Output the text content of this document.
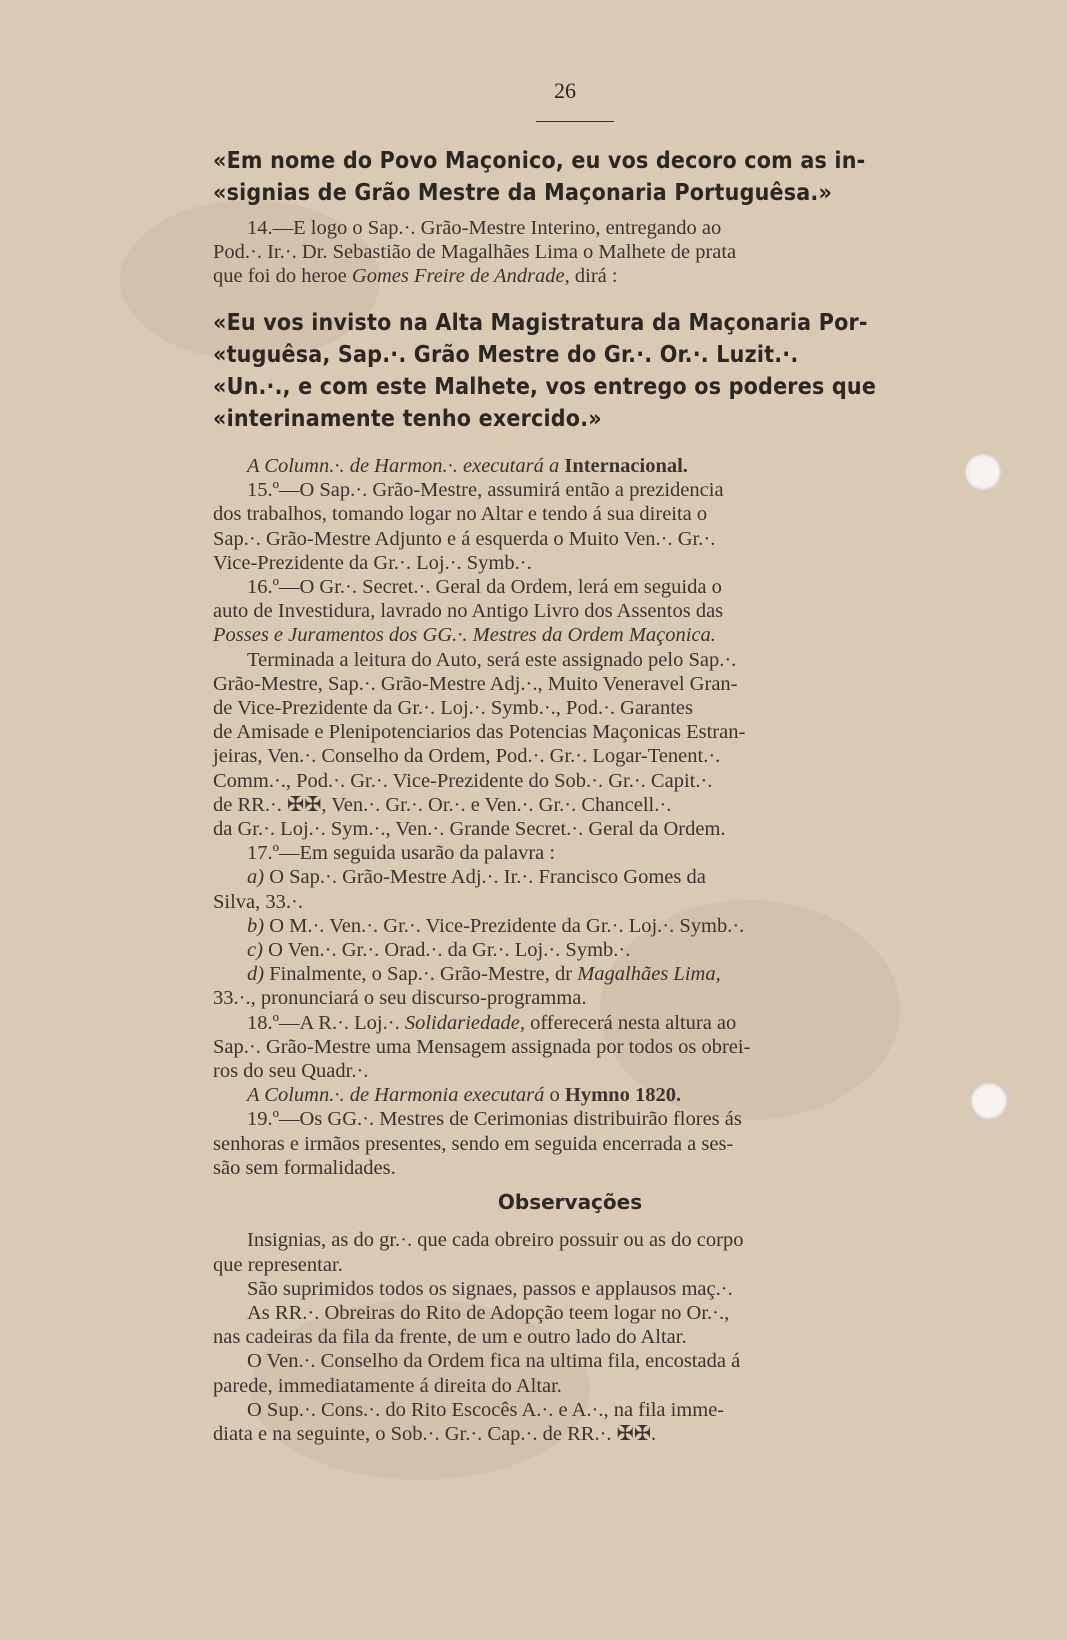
26
«Em nome do Povo Maçonico, eu vos decoro com as in-
«signias de Grão Mestre da Maçonaria Portuguêsa.»

14.—E logo o Sap.·. Grão-Mestre Interino, entregando ao

Pod.·. Ir.·. Dr. Sebastião de Magalhães Lima o Malhete de prata

que foi do heroe Gomes Freire de Andrade, dirá :

«Eu vos invisto na Alta Magistratura da Maçonaria Por-
«tuguêsa, Sap.·. Grão Mestre do Gr.·. Or.·. Luzit.·.
«Un.·., e com este Malhete, vos entrego os poderes que
«interinamente tenho exercido.»

A Column.·. de Harmon.·. executará a Internacional.

15.º—O Sap.·. Grão-Mestre, assumirá então a prezidencia

dos trabalhos, tomando logar no Altar e tendo á sua direita o

Sap.·. Grão-Mestre Adjunto e á esquerda o Muito Ven.·. Gr.·.

Vice-Prezidente da Gr.·. Loj.·. Symb.·.

16.º—O Gr.·. Secret.·. Geral da Ordem, lerá em seguida o

auto de Investidura, lavrado no Antigo Livro dos Assentos das

Posses e Juramentos dos GG.·. Mestres da Ordem Maçonica.

Terminada a leitura do Auto, será este assignado pelo Sap.·.

Grão-Mestre, Sap.·. Grão-Mestre Adj.·., Muito Veneravel Gran-

de Vice-Prezidente da Gr.·. Loj.·. Symb.·., Pod.·. Garantes

de Amisade e Plenipotenciarios das Potencias Maçonicas Estran-

jeiras, Ven.·. Conselho da Ordem, Pod.·. Gr.·. Logar-Tenent.·.

Comm.·., Pod.·. Gr.·. Vice-Prezidente do Sob.·. Gr.·. Capit.·.

de RR.·. ✠✠, Ven.·. Gr.·. Or.·. e Ven.·. Gr.·. Chancell.·.

da Gr.·. Loj.·. Sym.·., Ven.·. Grande Secret.·. Geral da Ordem.

17.º—Em seguida usarão da palavra :

a) O Sap.·. Grão-Mestre Adj.·. Ir.·. Francisco Gomes da

Silva, 33.·.

b) O M.·. Ven.·. Gr.·. Vice-Prezidente da Gr.·. Loj.·. Symb.·.

c) O Ven.·. Gr.·. Orad.·. da Gr.·. Loj.·. Symb.·.

d) Finalmente, o Sap.·. Grão-Mestre, dr Magalhães Lima,

33.·., pronunciará o seu discurso-programma.

18.º—A R.·. Loj.·. Solidariedade, offerecerá nesta altura ao

Sap.·. Grão-Mestre uma Mensagem assignada por todos os obrei-

ros do seu Quadr.·.

A Column.·. de Harmonia executará o Hymno 1820.

19.º—Os GG.·. Mestres de Cerimonias distribuirão flores ás

senhoras e irmãos presentes, sendo em seguida encerrada a ses-

são sem formalidades.

Observações

Insignias, as do gr.·. que cada obreiro possuir ou as do corpo

que representar.

São suprimidos todos os signaes, passos e applausos maç.·.

As RR.·. Obreiras do Rito de Adopção teem logar no Or.·.,

nas cadeiras da fila da frente, de um e outro lado do Altar.

O Ven.·. Conselho da Ordem fica na ultima fila, encostada á

parede, immediatamente á direita do Altar.

O Sup.·. Cons.·. do Rito Escocês A.·. e A.·., na fila imme-

diata e na seguinte, o Sob.·. Gr.·. Cap.·. de RR.·. ✠✠.
